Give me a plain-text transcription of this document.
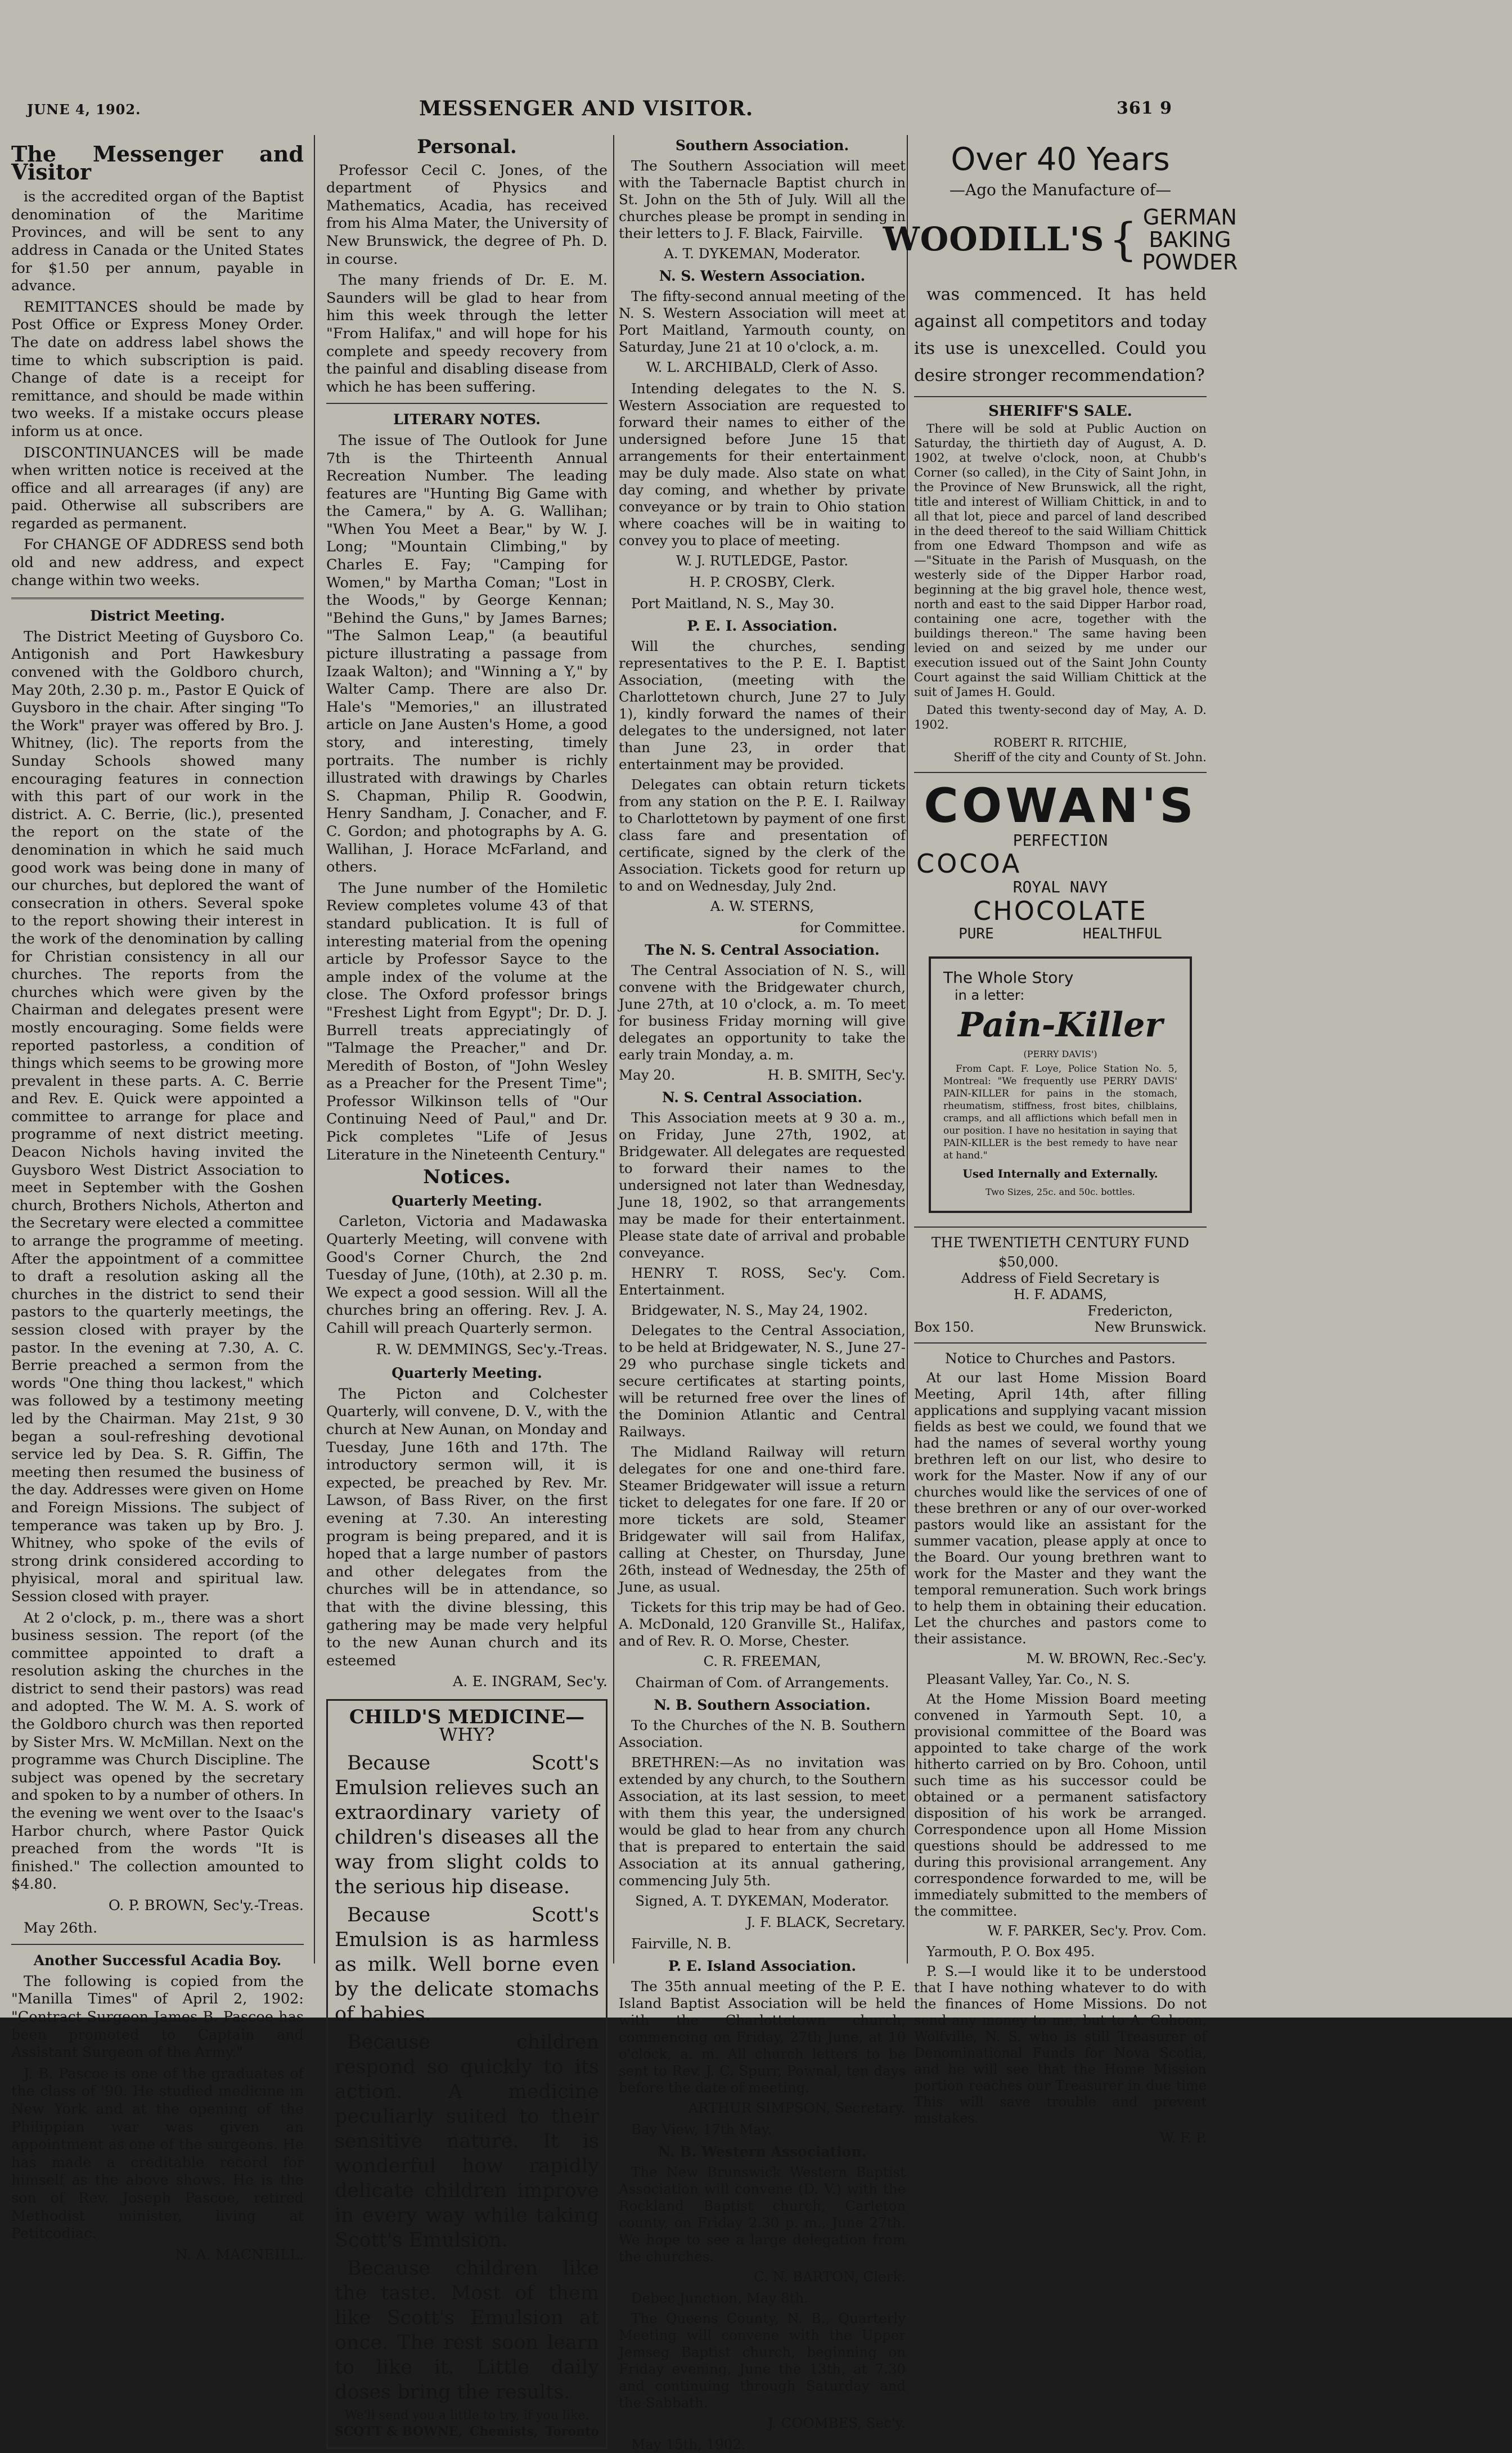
JUNE 4, 1902.	MESSENGER AND VISITOR.	361 9
The Messenger and Visitor

is the accredited organ of the Baptist denomination of the Maritime Provinces, and will be sent to any address in Canada or the United States for $1.50 per annum, payable in advance.

REMITTANCES should be made by Post Office or Express Money Order. The date on address label shows the time to which subscription is paid. Change of date is a receipt for remittance, and should be made within two weeks. If a mistake occurs please inform us at once.

DISCONTINUANCES will be made when written notice is received at the office and all arrearages (if any) are paid. Otherwise all subscribers are regarded as permanent.

For CHANGE OF ADDRESS send both old and new address, and expect change within two weeks.

District Meeting.

The District Meeting of Guysboro Co. Antigonish and Port Hawkesbury convened with the Goldboro church, May 20th, 2.30 p. m., Pastor E Quick of Guysboro in the chair. After singing "To the Work" prayer was offered by Bro. J. Whitney, (lic). The reports from the Sunday Schools showed many encouraging features in connection with this part of our work in the district. A. C. Berrie, (lic.), presented the report on the state of the denomination in which he said much good work was being done in many of our churches, but deplored the want of consecration in others. Several spoke to the report showing their interest in the work of the denomination by calling for Christian consistency in all our churches. The reports from the churches which were given by the Chairman and delegates present were mostly encouraging. Some fields were reported pastorless, a condition of things which seems to be growing more prevalent in these parts. A. C. Berrie and Rev. E. Quick were appointed a committee to arrange for place and programme of next district meeting. Deacon Nichols having invited the Guysboro West District Association to meet in September with the Goshen church, Brothers Nichols, Atherton and the Secretary were elected a committee to arrange the programme of meeting. After the appointment of a committee to draft a resolution asking all the churches in the district to send their pastors to the quarterly meetings, the session closed with prayer by the pastor. In the evening at 7.30, A. C. Berrie preached a sermon from the words "One thing thou lackest," which was followed by a testimony meeting led by the Chairman. May 21st, 9 30 began a soul-refreshing devotional service led by Dea. S. R. Giffin, The meeting then resumed the business of the day. Addresses were given on Home and Foreign Missions. The subject of temperance was taken up by Bro. J. Whitney, who spoke of the evils of strong drink considered according to phyisical, moral and spiritual law. Session closed with prayer.

At 2 o'clock, p. m., there was a short business session. The report (of the committee appointed to draft a resolution asking the churches in the district to send their pastors) was read and adopted. The W. M. A. S. work of the Goldboro church was then reported by Sister Mrs. W. McMillan. Next on the programme was Church Discipline. The subject was opened by the secretary and spoken to by a number of others. In the evening we went over to the Isaac's Harbor church, where Pastor Quick preached from the words "It is finished." The collection amounted to $4.80.

O. P. BROWN, Sec'y.-Treas.

May 26th.

Another Successful Acadia Boy.

The following is copied from the "Manilla Times" of April 2, 1902: "Contract Surgeon James B. Pascoe has been promoted to Captain and Assistant Surgeon of the Army."

J. B. Pascoe is one of the graduates of the class of '90. He studied medicine in New York and at the opening of the Philippian war was given an appointment as one of the surgeons. He has made a creditable record for himself as the above shows. He is the son of Rev. Joseph Pascoe, retired Methodist minister, living at Petitcodiac.

N. A. MACNEILL.
Personal.

Professor Cecil C. Jones, of the department of Physics and Mathematics, Acadia, has received from his Alma Mater, the University of New Brunswick, the degree of Ph. D. in course.

The many friends of Dr. E. M. Saunders will be glad to hear from him this week through the letter "From Halifax," and will hope for his complete and speedy recovery from the painful and disabling disease from which he has been suffering.

LITERARY NOTES.

The issue of The Outlook for June 7th is the Thirteenth Annual Recreation Number. The leading features are "Hunting Big Game with the Camera," by A. G. Wallihan; "When You Meet a Bear," by W. J. Long; "Mountain Climbing," by Charles E. Fay; "Camping for Women," by Martha Coman; "Lost in the Woods," by George Kennan; "Behind the Guns," by James Barnes; "The Salmon Leap," (a beautiful picture illustrating a passage from Izaak Walton); and "Winning a Y," by Walter Camp. There are also Dr. Hale's "Memories," an illustrated article on Jane Austen's Home, a good story, and interesting, timely portraits. The number is richly illustrated with drawings by Charles S. Chapman, Philip R. Goodwin, Henry Sandham, J. Conacher, and F. C. Gordon; and photographs by A. G. Wallihan, J. Horace McFarland, and others.

The June number of the Homiletic Review completes volume 43 of that standard publication. It is full of interesting material from the opening article by Professor Sayce to the ample index of the volume at the close. The Oxford professor brings "Freshest Light from Egypt"; Dr. D. J. Burrell treats appreciatingly of "Talmage the Preacher," and Dr. Meredith of Boston, of "John Wesley as a Preacher for the Present Time"; Professor Wilkinson tells of "Our Continuing Need of Paul," and Dr. Pick completes "Life of Jesus Literature in the Nineteenth Century."

Notices.
Quarterly Meeting.

Carleton, Victoria and Madawaska Quarterly Meeting, will convene with Good's Corner Church, the 2nd Tuesday of June, (10th), at 2.30 p. m. We expect a good session. Will all the churches bring an offering. Rev. J. A. Cahill will preach Quarterly sermon.

R. W. DEMMINGS, Sec'y.-Treas.
Quarterly Meeting.

The Picton and Colchester Quarterly, will convene, D. V., with the church at New Aunan, on Monday and Tuesday, June 16th and 17th. The introductory sermon will, it is expected, be preached by Rev. Mr. Lawson, of Bass River, on the first evening at 7.30. An interesting program is being prepared, and it is hoped that a large number of pastors and other delegates from the churches will be in attendance, so that with the divine blessing, this gathering may be made very helpful to the new Aunan church and its esteemed

A. E. INGRAM, Sec'y.
CHILD'S MEDICINE—
WHY?

Because Scott's Emulsion relieves such an extraordinary variety of children's diseases all the way from slight colds to the serious hip disease.

Because Scott's Emulsion is as harmless as milk. Well borne even by the delicate stomachs of babies.

Because children respond so quickly to its action. A medicine peculiarly suited to their sensitive nature. It is wonderful how rapidly delicate children improve in every way while taking Scott's Emulsion.

Because children like the taste. Most of them like Scott's Emulsion at once. The rest soon learn to like it. Little daily doses bring the results.

We'll send you a little to try, if you like.
SCOTT & BOWNE, Chemists, Toronto
Southern Association.

The Southern Association will meet with the Tabernacle Baptist church in St. John on the 5th of July. Will all the churches please be prompt in sending in their letters to J. F. Black, Fairville.

A. T. DYKEMAN, Moderator.
N. S. Western Association.

The fifty-second annual meeting of the N. S. Western Association will meet at Port Maitland, Yarmouth county, on Saturday, June 21 at 10 o'clock, a. m.

W. L. ARCHIBALD, Clerk of Asso.

Intending delegates to the N. S. Western Association are requested to forward their names to either of the undersigned before June 15 that arrangements for their entertainment may be duly made. Also state on what day coming, and whether by private conveyance or by train to Ohio station where coaches will be in waiting to convey you to place of meeting.

W. J. RUTLEDGE, Pastor.
H. P. CROSBY, Clerk.

Port Maitland, N. S., May 30.

P. E. I. Association.

Will the churches, sending representatives to the P. E. I. Baptist Association, (meeting with the Charlottetown church, June 27 to July 1), kindly forward the names of their delegates to the undersigned, not later than June 23, in order that entertainment may be provided.

Delegates can obtain return tickets from any station on the P. E. I. Railway to Charlottetown by payment of one first class fare and presentation of certificate, signed by the clerk of the Association. Tickets good for return up to and on Wednesday, July 2nd.

A. W. STERNS,
for Committee.
The N. S. Central Association.

The Central Association of N. S., will convene with the Bridgewater church, June 27th, at 10 o'clock, a. m. To meet for business Friday morning will give delegates an opportunity to take the early train Monday, a. m.

May 20.	H. B. SMITH, Sec'y.
N. S. Central Association.

This Association meets at 9 30 a. m., on Friday, June 27th, 1902, at Bridgewater. All delegates are requested to forward their names to the undersigned not later than Wednesday, June 18, 1902, so that arrangements may be made for their entertainment. Please state date of arrival and probable conveyance.

HENRY T. ROSS, Sec'y. Com. Entertainment.

Bridgewater, N. S., May 24, 1902.

Delegates to the Central Association, to be held at Bridgewater, N. S., June 27-29 who purchase single tickets and secure certificates at starting points, will be returned free over the lines of the Dominion Atlantic and Central Railways.

The Midland Railway will return delegates for one and one-third fare. Steamer Bridgewater will issue a return ticket to delegates for one fare. If 20 or more tickets are sold, Steamer Bridgewater will sail from Halifax, calling at Chester, on Thursday, June 26th, instead of Wednesday, the 25th of June, as usual.

Tickets for this trip may be had of Geo. A. McDonald, 120 Granville St., Halifax, and of Rev. R. O. Morse, Chester.

C. R. FREEMAN,
Chairman of Com. of Arrangements.
N. B. Southern Association.

To the Churches of the N. B. Southern Association.

BRETHREN:—As no invitation was extended by any church, to the Southern Association, at its last session, to meet with them this year, the undersigned would be glad to hear from any church that is prepared to entertain the said Association at its annual gathering, commencing July 5th.

Signed, A. T. DYKEMAN, Moderator.
J. F. BLACK, Secretary.

Fairville, N. B.

P. E. Island Association.

The 35th annual meeting of the P. E. Island Baptist Association will be held with the Charlottetown church, commencing on Friday, 27th June, at 10 o'clock, a. m. All church letters to be sent to Rev. J. C. Spurr, Pownal, ten days before the date of meeting.

ARTHUR SIMPSON, Secretary.

Bay View, 17th May.

N. B. Western Association.

The New Brunswick Western Baptist Association will convene (D. V.) with the Rockland Baptist church, Carleton county, on Friday 2.30 p. m., June 27th. We hope to see a large delegation from the churches.

C. N. BARTON, Clerk.

Debec Junction, May 8th.

The Queens County, N. B., Quarterly Meeting will convene with the Upper Jemseg Baptist church, beginning on Friday evening, June the 13th, at 7.30 and continuing through Saturday and the Sabbath.

J. COOMBES, Sec'y.

May 15th, 1902.

Over 40 Years
—Ago the Manufacture of—
WOODILL'S { GERMAN
BAKING
POWDER

was commenced. It has held against all competitors and today its use is unexcelled. Could you desire stronger recommendation?

SHERIFF'S SALE.

There will be sold at Public Auction on Saturday, the thirtieth day of August, A. D. 1902, at twelve o'clock, noon, at Chubb's Corner (so called), in the City of Saint John, in the Province of New Brunswick, all the right, title and interest of William Chittick, in and to all that lot, piece and parcel of land described in the deed thereof to the said William Chittick from one Edward Thompson and wife as—"Situate in the Parish of Musquash, on the westerly side of the Dipper Harbor road, beginning at the big gravel hole, thence west, north and east to the said Dipper Harbor road, containing one acre, together with the buildings thereon." The same having been levied on and seized by me under our execution issued out of the Saint John County Court against the said William Chittick at the suit of James H. Gould.

Dated this twenty-second day of May, A. D. 1902.

ROBERT R. RITCHIE,
Sheriff of the city and County of St. John.
COWAN'S
PERFECTION
COCOA
ROYAL NAVY
CHOCOLATE
PURE	HEALTHFUL
The Whole Story
in a letter:
Pain-Killer
(PERRY DAVIS')

From Capt. F. Loye, Police Station No. 5, Montreal: "We frequently use PERRY DAVIS' PAIN-KILLER for pains in the stomach, rheumatism, stiffness, frost bites, chilblains, cramps, and all afflictions which befall men in our position. I have no hesitation in saying that PAIN-KILLER is the best remedy to have near at hand."

Used Internally and Externally.
Two Sizes, 25c. and 50c. bottles.
THE TWENTIETH CENTURY FUND
$50,000.
Address of Field Secretary is
H. F. ADAMS,
Fredericton,
Box 150.	New Brunswick.
Notice to Churches and Pastors.

At our last Home Mission Board Meeting, April 14th, after filling applications and supplying vacant mission fields as best we could, we found that we had the names of several worthy young brethren left on our list, who desire to work for the Master. Now if any of our churches would like the services of one of these brethren or any of our over-worked pastors would like an assistant for the summer vacation, please apply at once to the Board. Our young brethren want to work for the Master and they want the temporal remuneration. Such work brings to help them in obtaining their education. Let the churches and pastors come to their assistance.

M. W. BROWN, Rec.-Sec'y.

Pleasant Valley, Yar. Co., N. S.

At the Home Mission Board meeting convened in Yarmouth Sept. 10, a provisional committee of the Board was appointed to take charge of the work hitherto carried on by Bro. Cohoon, until such time as his successor could be obtained or a permanent satisfactory disposition of his work be arranged. Correspondence upon all Home Mission questions should be addressed to me during this provisional arrangement. Any correspondence forwarded to me, will be immediately submitted to the members of the committee.

W. F. PARKER, Sec'y. Prov. Com.

Yarmouth, P. O. Box 495.

P. S.—I would like it to be understood that I have nothing whatever to do with the finances of Home Missions. Do not send any money to me, but to A. Cohoon, Wolfville, N. S. who is still Treasurer of Denominational Funds for Nova Scotia, and he will see that the Home Mission portion reaches our Treasurer in due time This will save trouble and prevent mistakes.

W. F. P.
